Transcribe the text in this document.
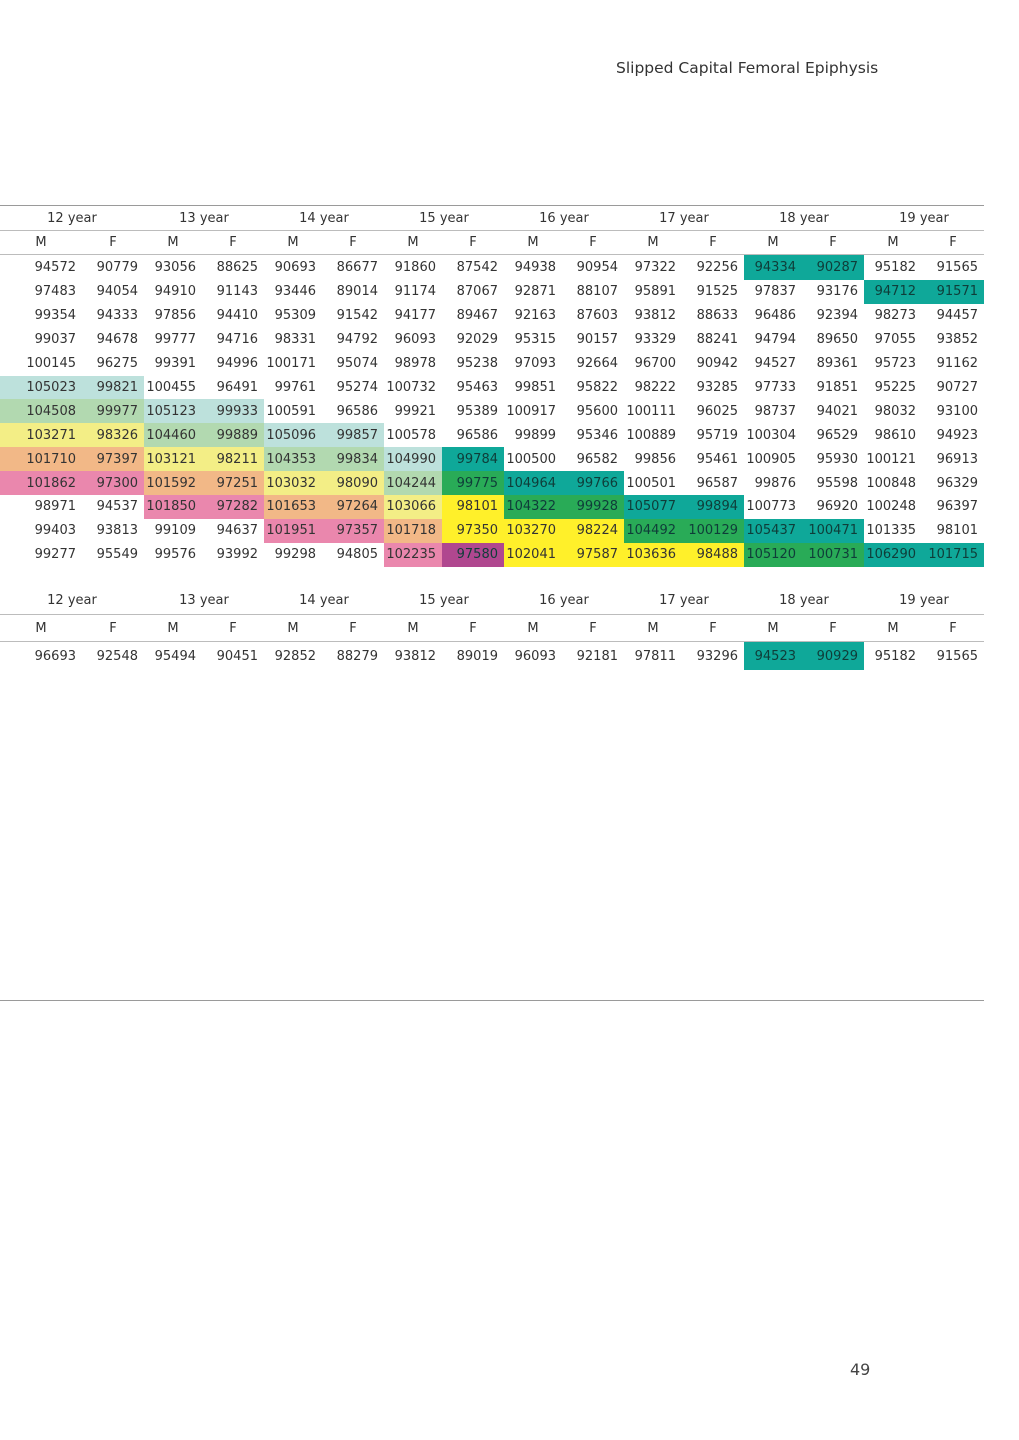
Slipped Capital Femoral Epiphysis
12 year		13 year		14 year		15 year		16 year		17 year		18 year		19 year	
M	F	M	F	M	F	M	F	M	F	M	F	M	F	M	F
94572	90779	93056	88625	90693	86677	91860	87542	94938	90954	97322	92256	94334	90287	95182	91565
97483	94054	94910	91143	93446	89014	91174	87067	92871	88107	95891	91525	97837	93176	94712	91571
99354	94333	97856	94410	95309	91542	94177	89467	92163	87603	93812	88633	96486	92394	98273	94457
99037	94678	99777	94716	98331	94792	96093	92029	95315	90157	93329	88241	94794	89650	97055	93852
100145	96275	99391	94996	100171	95074	98978	95238	97093	92664	96700	90942	94527	89361	95723	91162
105023	99821	100455	96491	99761	95274	100732	95463	99851	95822	98222	93285	97733	91851	95225	90727
104508	99977	105123	99933	100591	96586	99921	95389	100917	95600	100111	96025	98737	94021	98032	93100
103271	98326	104460	99889	105096	99857	100578	96586	99899	95346	100889	95719	100304	96529	98610	94923
101710	97397	103121	98211	104353	99834	104990	99784	100500	96582	99856	95461	100905	95930	100121	96913
101862	97300	101592	97251	103032	98090	104244	99775	104964	99766	100501	96587	99876	95598	100848	96329
98971	94537	101850	97282	101653	97264	103066	98101	104322	99928	105077	99894	100773	96920	100248	96397
99403	93813	99109	94637	101951	97357	101718	97350	103270	98224	104492	100129	105437	100471	101335	98101
99277	95549	99576	93992	99298	94805	102235	97580	102041	97587	103636	98488	105120	100731	106290	101715
12 year		13 year		14 year		15 year		16 year		17 year		18 year		19 year	
M	F	M	F	M	F	M	F	M	F	M	F	M	F	M	F
96693	92548	95494	90451	92852	88279	93812	89019	96093	92181	97811	93296	94523	90929	95182	91565
49
